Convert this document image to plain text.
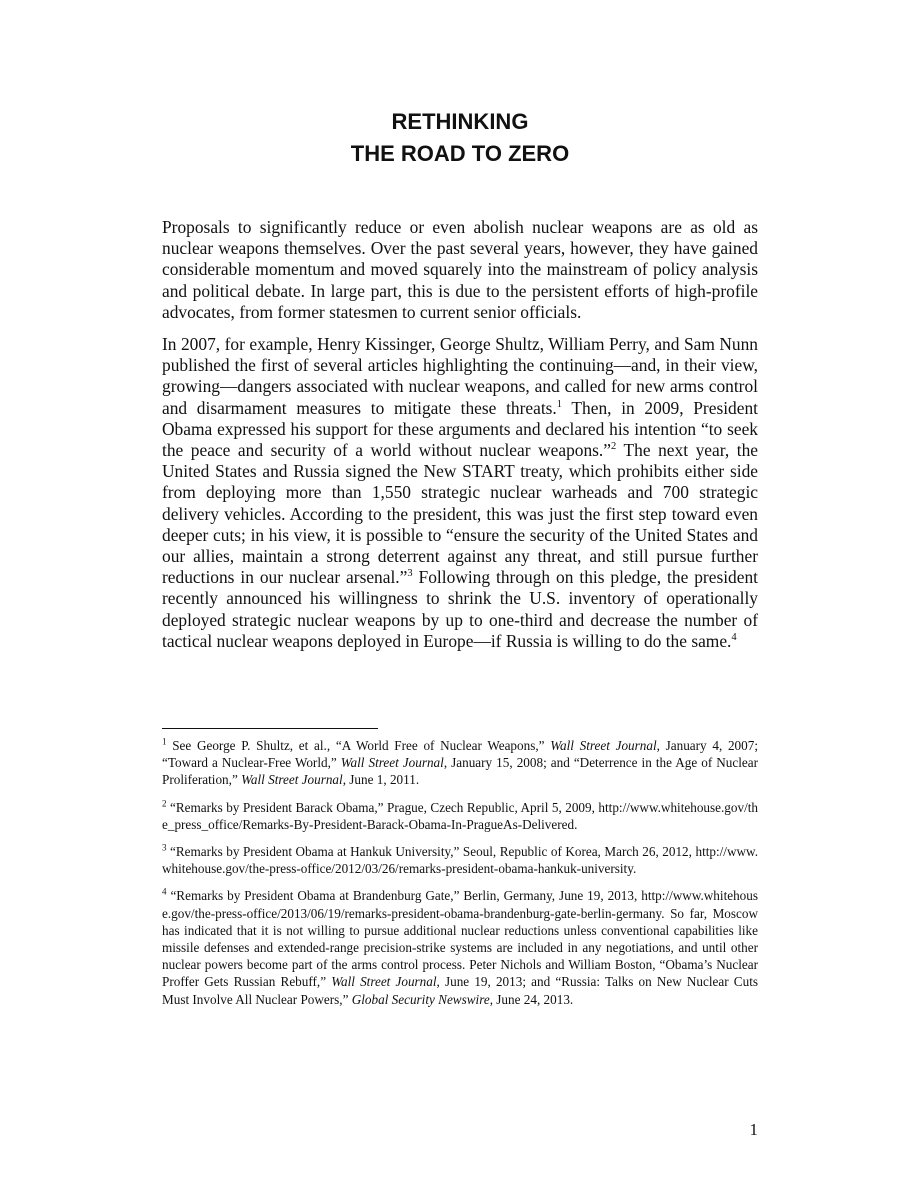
RETHINKING
THE ROAD TO ZERO

Proposals to significantly reduce or even abolish nuclear weapons are as old as nuclear weapons themselves. Over the past several years, however, they have gained considerable momentum and moved squarely into the mainstream of policy analysis and political debate. In large part, this is due to the persistent efforts of high-profile advocates, from former statesmen to current senior officials.

In 2007, for example, Henry Kissinger, George Shultz, William Perry, and Sam Nunn published the first of several articles highlighting the continuing—and, in their view, growing—dangers associated with nuclear weapons, and called for new arms control and disarmament measures to mitigate these threats.$^1$ Then, in 2009, President Obama expressed his support for these arguments and declared his intention “to seek the peace and security of a world without nuclear weapons.”$^2$ The next year, the United States and Russia signed the New START treaty, which prohibits either side from deploying more than 1,550 strategic nuclear warheads and 700 strategic delivery vehicles. According to the president, this was just the first step toward even deeper cuts; in his view, it is possible to “ensure the security of the United States and our allies, maintain a strong deterrent against any threat, and still pursue further reductions in our nuclear arsenal.”$^3$ Following through on this pledge, the president recently announced his willingness to shrink the U.S. inventory of operationally deployed strategic nuclear weapons by up to one-third and decrease the number of tactical nuclear weapons deployed in Europe—if Russia is willing to do the same.$^4$

$^1$ See George P. Shultz, et al., “A World Free of Nuclear Weapons,” Wall Street Journal, January 4, 2007; “Toward a Nuclear-Free World,” Wall Street Journal, January 15, 2008; and “Deterrence in the Age of Nuclear Proliferation,” Wall Street Journal, June 1, 2011.

$^2$ “Remarks by President Barack Obama,” Prague, Czech Republic, April 5, 2009, http://www.whitehouse.gov/the_press_office/Remarks-By-President-Barack-Obama-In-PragueAs-Delivered.

$^3$ “Remarks by President Obama at Hankuk University,” Seoul, Republic of Korea, March 26, 2012, http://www.whitehouse.gov/the-press-office/2012/03/26/remarks-president-obama-hankuk-university.

$^4$ “Remarks by President Obama at Brandenburg Gate,” Berlin, Germany, June 19, 2013, http://www.whitehouse.gov/the-press-office/2013/06/19/remarks-president-obama-brandenburg-gate-berlin-germany. So far, Moscow has indicated that it is not willing to pursue additional nuclear reductions unless conventional capabilities like missile defenses and extended-range precision-strike systems are included in any negotiations, and until other nuclear powers become part of the arms control process. Peter Nichols and William Boston, “Obama’s Nuclear Proffer Gets Russian Rebuff,” Wall Street Journal, June 19, 2013; and “Russia: Talks on New Nuclear Cuts Must Involve All Nuclear Powers,” Global Security Newswire, June 24, 2013.

1
